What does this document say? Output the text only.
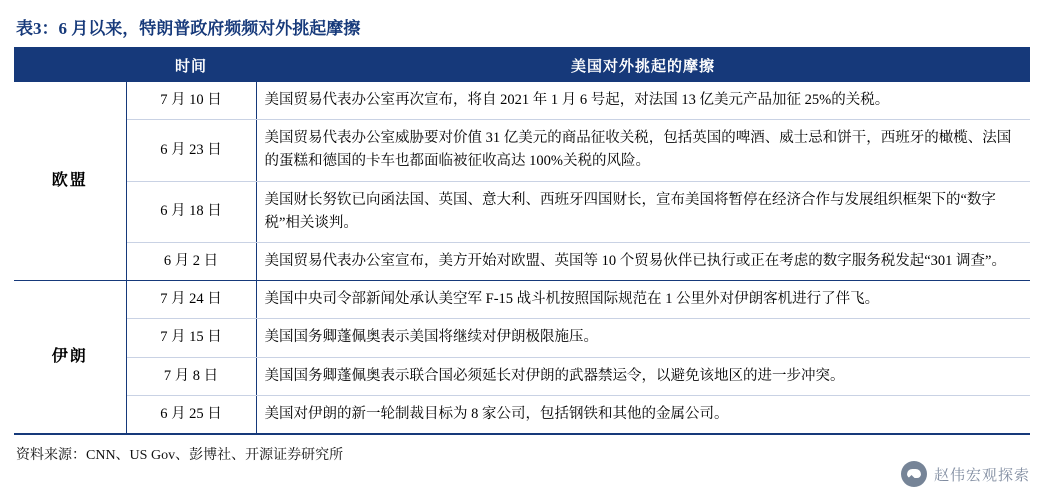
表3： 6 月以来，特朗普政府频频对外挑起摩擦
	时间	美国对外挑起的摩擦
欧盟	7 月 10 日	美国贸易代表办公室再次宣布，将自 2021 年 1 月 6 号起，对法国 13 亿美元产品加征 25%的关税。
	6 月 23 日	美国贸易代表办公室威胁要对价值 31 亿美元的商品征收关税，包括英国的啤酒、威士忌和饼干，西班牙的橄榄、法国的蛋糕和德国的卡车也都面临被征收高达 100%关税的风险。
	6 月 18 日	美国财长努钦已向函法国、英国、意大利、西班牙四国财长，宣布美国将暂停在经济合作与发展组织框架下的“数字税”相关谈判。
	6 月 2 日	美国贸易代表办公室宣布，美方开始对欧盟、英国等 10 个贸易伙伴已执行或正在考虑的数字服务税发起“301 调查”。
伊朗	7 月 24 日	美国中央司令部新闻处承认美空军 F-15 战斗机按照国际规范在 1 公里外对伊朗客机进行了伴飞。
	7 月 15 日	美国国务卿蓬佩奥表示美国将继续对伊朗极限施压。
	7 月 8 日	美国国务卿蓬佩奥表示联合国必须延长对伊朗的武器禁运令，以避免该地区的进一步冲突。
	6 月 25 日	美国对伊朗的新一轮制裁目标为 8 家公司，包括钢铁和其他的金属公司。
资料来源：CNN、US Gov、彭博社、开源证券研究所
赵伟宏观探索
